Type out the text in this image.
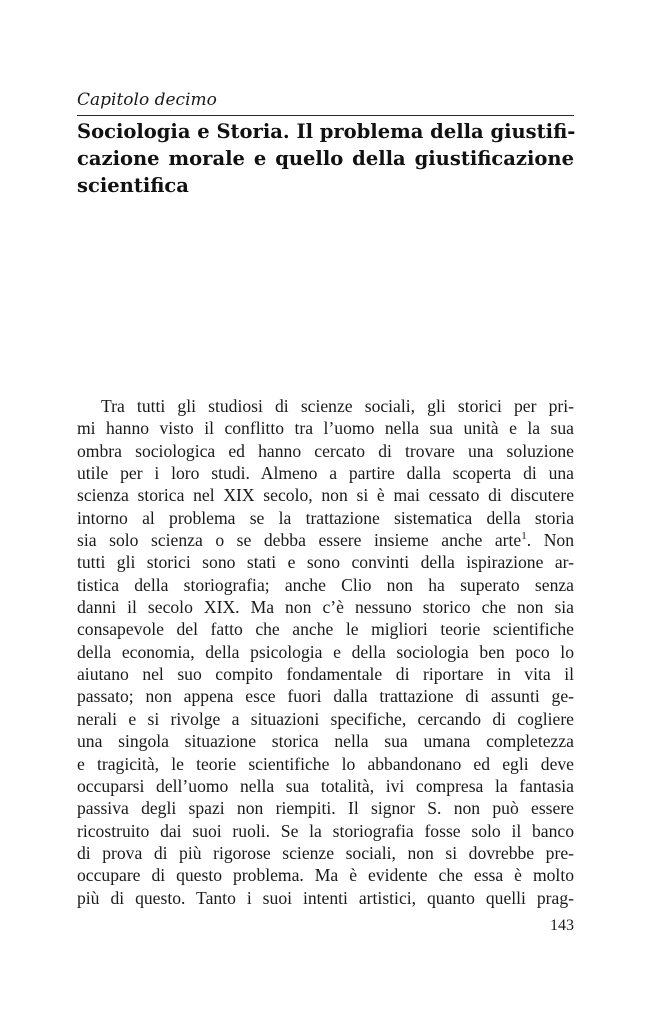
Capitolo decimo
Sociologia e Storia. Il problema della giustifi-
cazione morale e quello della giustificazione
scientifica
Tra tutti gli studiosi di scienze sociali, gli storici per pri-
mi hanno visto il conflitto tra l’uomo nella sua unità e la sua
ombra sociologica ed hanno cercato di trovare una soluzione
utile per i loro studi. Almeno a partire dalla scoperta di una
scienza storica nel XIX secolo, non si è mai cessato di discutere
intorno al problema se la trattazione sistematica della storia
sia solo scienza o se debba essere insieme anche arte$^1$. Non
tutti gli storici sono stati e sono convinti della ispirazione ar-
tistica della storiografia; anche Clio non ha superato senza
danni il secolo XIX. Ma non c’è nessuno storico che non sia
consapevole del fatto che anche le migliori teorie scientifiche
della economia, della psicologia e della sociologia ben poco lo
aiutano nel suo compito fondamentale di riportare in vita il
passato; non appena esce fuori dalla trattazione di assunti ge-
nerali e si rivolge a situazioni specifiche, cercando di cogliere
una singola situazione storica nella sua umana completezza
e tragicità, le teorie scientifiche lo abbandonano ed egli deve
occuparsi dell’uomo nella sua totalità, ivi compresa la fantasia
passiva degli spazi non riempiti. Il signor S. non può essere
ricostruito dai suoi ruoli. Se la storiografia fosse solo il banco
di prova di più rigorose scienze sociali, non si dovrebbe pre-
occupare di questo problema. Ma è evidente che essa è molto
più di questo. Tanto i suoi intenti artistici, quanto quelli prag-
143
